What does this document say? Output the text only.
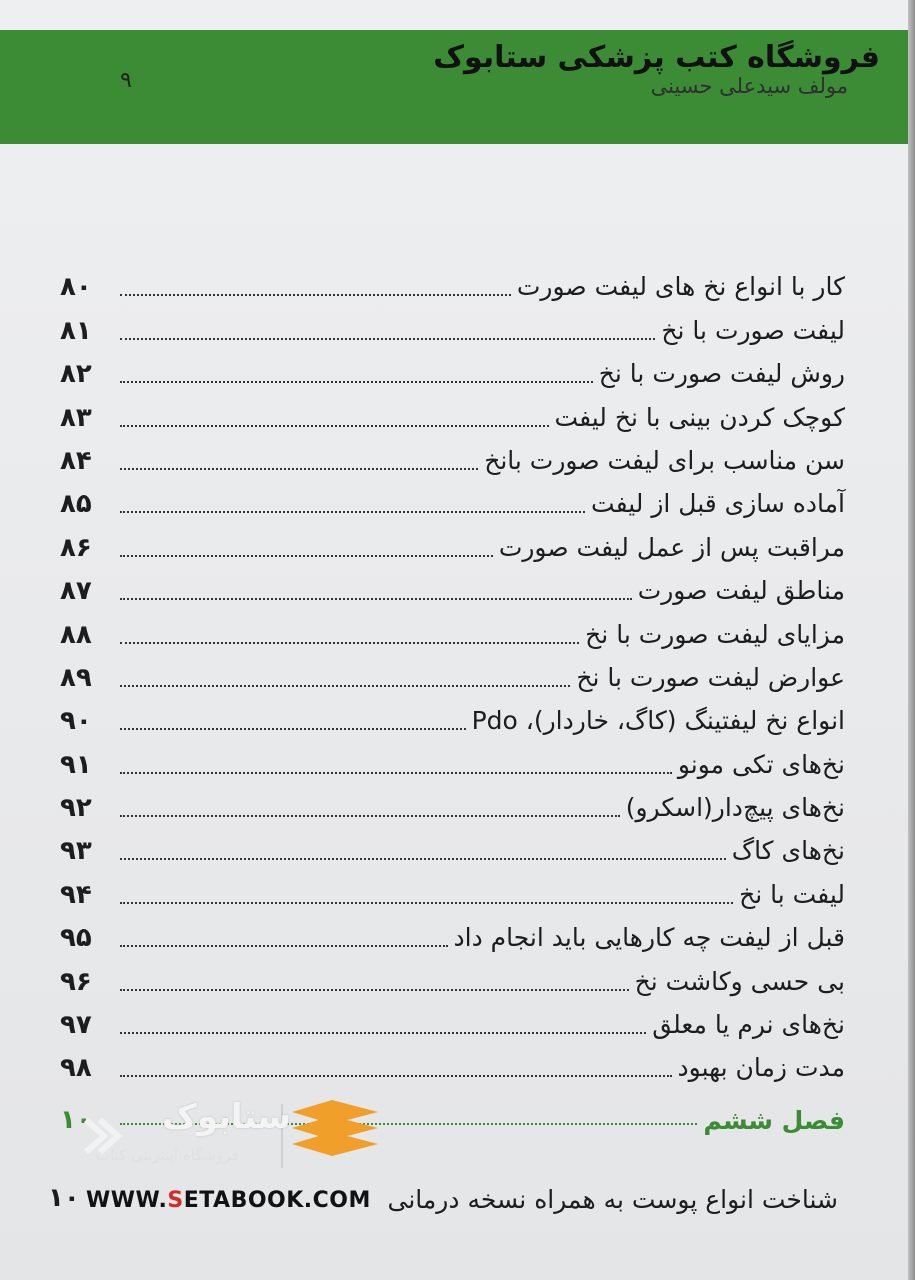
فروشگاه کتب پزشکی ستابوک
مولف سیدعلی حسینی
۹
کار با انواع نخ های لیفت صورت
۸۰
لیفت صورت با نخ
۸۱
روش لیفت صورت با نخ
۸۲
کوچک کردن بینی با نخ لیفت
۸۳
سن مناسب برای لیفت صورت بانخ
۸۴
آماده سازی قبل از لیفت
۸۵
مراقبت پس از عمل لیفت صورت
۸۶
مناطق لیفت صورت
۸۷
مزایای لیفت صورت با نخ
۸۸
عوارض لیفت صورت با نخ
۸۹
انواع نخ لیفتینگ (کاگ، خاردار)، Pdo
۹۰
نخ‌های تکی مونو
۹۱
نخ‌های پیچ‌دار(اسکرو)
۹۲
نخ‌های کاگ
۹۳
لیفت با نخ
۹۴
قبل از لیفت چه کارهایی باید انجام داد
۹۵
بی حسی وکاشت نخ
۹۶
نخ‌های نرم یا معلق
۹۷
مدت زمان بهبود
۹۸
فصل ششم
۱۰	ستابوک
فروشگاه اینترنتی کتاب
شناخت انواع پوست به همراه نسخه درمانی
۱۰ WWW.SETABOOK.COM
